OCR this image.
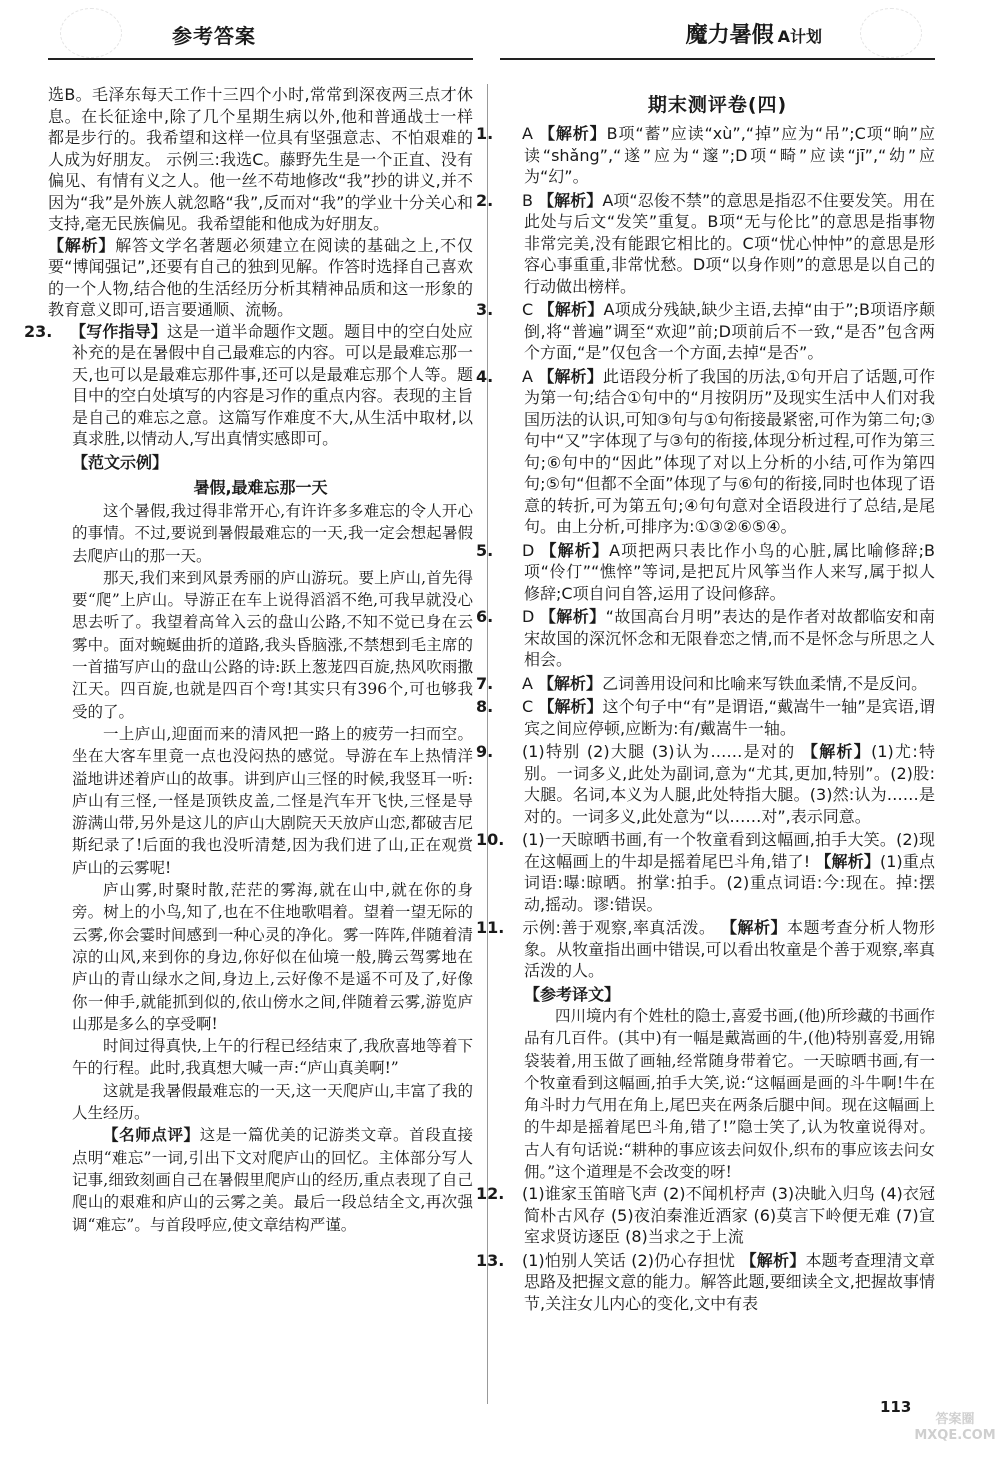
参考答案	魔力暑假 A计划

选B。毛泽东每天工作十三四个小时,常常到深夜两三点才休息。在长征途中,除了几个星期生病以外,他和普通战士一样都是步行的。我希望和这样一位具有坚强意志、不怕艰难的人成为好朋友。 示例三:我选C。藤野先生是一个正直、没有偏见、有情有义之人。他一丝不苟地修改“我”抄的讲义,并不因为“我”是外族人就忽略“我”,反而对“我”的学业十分关心和支持,毫无民族偏见。我希望能和他成为好朋友。

【解析】解答文学名著题必须建立在阅读的基础之上,不仅要“博闻强记”,还要有自己的独到见解。作答时选择自己喜欢的一个人物,结合他的生活经历分析其精神品质和这一形象的教育意义即可,语言要通顺、流畅。

23. 【写作指导】这是一道半命题作文题。题目中的空白处应补充的是在暑假中自己最难忘的内容。可以是最难忘那一天,也可以是最难忘那件事,还可以是最难忘那个人等。题目中的空白处填写的内容是习作的重点内容。表现的主旨是自己的难忘之意。这篇写作难度不大,从生活中取材,以真求胜,以情动人,写出真情实感即可。

【范文示例】

暑假,最难忘那一天

这个暑假,我过得非常开心,有许许多多难忘的令人开心的事情。不过,要说到暑假最难忘的一天,我一定会想起暑假去爬庐山的那一天。

那天,我们来到风景秀丽的庐山游玩。要上庐山,首先得要“爬”上庐山。导游正在车上说得滔滔不绝,可我早就没心思去听了。我望着高耸入云的盘山公路,不知不觉已身在云雾中。面对蜿蜒曲折的道路,我头昏脑涨,不禁想到毛主席的一首描写庐山的盘山公路的诗:跃上葱茏四百旋,热风吹雨撒江天。四百旋,也就是四百个弯!其实只有396个,可也够我受的了。

一上庐山,迎面而来的清风把一路上的疲劳一扫而空。坐在大客车里竟一点也没闷热的感觉。导游在车上热情洋溢地讲述着庐山的故事。讲到庐山三怪的时候,我竖耳一听:庐山有三怪,一怪是顶铁皮盖,二怪是汽车开飞快,三怪是导游满山带,另外是这儿的庐山大剧院天天放庐山恋,都破吉尼斯纪录了!后面的我也没听清楚,因为我们进了山,正在观赏庐山的云雾呢!

庐山雾,时聚时散,茫茫的雾海,就在山中,就在你的身旁。树上的小鸟,知了,也在不住地歌唱着。望着一望无际的云雾,你会霎时间感到一种心灵的净化。雾一阵阵,伴随着清凉的山风,来到你的身边,你好似在仙境一般,腾云驾雾地在庐山的青山绿水之间,身边上,云好像不是遥不可及了,好像你一伸手,就能抓到似的,依山傍水之间,伴随着云雾,游览庐山那是多么的享受啊!

时间过得真快,上午的行程已经结束了,我欣喜地等着下午的行程。此时,我真想大喊一声:“庐山真美啊!”

这就是我暑假最难忘的一天,这一天爬庐山,丰富了我的人生经历。

【名师点评】这是一篇优美的记游类文章。首段直接点明“难忘”一词,引出下文对爬庐山的回忆。主体部分写人记事,细致刻画自己在暑假里爬庐山的经历,重点表现了自己爬山的艰难和庐山的云雾之美。最后一段总结全文,再次强调“难忘”。与首段呼应,使文章结构严谨。

期末测评卷(四)

1. A 【解析】B项“蓄”应读“xù”,“掉”应为“吊”;C项“晌”应读“shǎng”,“遂”应为“邃”;D项“畸”应读“jī”,“幼”应为“幻”。

2. B 【解析】A项“忍俊不禁”的意思是指忍不住要发笑。用在此处与后文“发笑”重复。B项“无与伦比”的意思是指事物非常完美,没有能跟它相比的。C项“忧心忡忡”的意思是形容心事重重,非常忧愁。D项“以身作则”的意思是以自己的行动做出榜样。

3. C 【解析】A项成分残缺,缺少主语,去掉“由于”;B项语序颠倒,将“普遍”调至“欢迎”前;D项前后不一致,“是否”包含两个方面,“是”仅包含一个方面,去掉“是否”。

4. A 【解析】此语段分析了我国的历法,①句开启了话题,可作为第一句;结合①句中的“月按阴历”及现实生活中人们对我国历法的认识,可知③句与①句衔接最紧密,可作为第二句;③句中“又”字体现了与③句的衔接,体现分析过程,可作为第三句;⑥句中的“因此”体现了对以上分析的小结,可作为第四句;⑤句“但都不全面”体现了与⑥句的衔接,同时也体现了语意的转折,可为第五句;④句句意对全语段进行了总结,是尾句。由上分析,可排序为:①③②⑥⑤④。

5. D 【解析】A项把两只表比作小鸟的心脏,属比喻修辞;B项“伶仃”“憔悴”等词,是把瓦片风筝当作人来写,属于拟人修辞;C项自问自答,运用了设问修辞。

6. D 【解析】“故国高台月明”表达的是作者对故都临安和南宋故国的深沉怀念和无限眷恋之情,而不是怀念与所思之人相会。

7. A 【解析】乙词善用设问和比喻来写铁血柔情,不是反问。

8. C 【解析】这个句子中“有”是谓语,“戴嵩牛一轴”是宾语,谓宾之间应停顿,应断为:有/戴嵩牛一轴。

9. (1)特别 (2)大腿 (3)认为……是对的 【解析】(1)尤:特别。一词多义,此处为副词,意为“尤其,更加,特别”。(2)股:大腿。名词,本义为人腿,此处特指大腿。(3)然:认为……是对的。一词多义,此处意为“以……对”,表示同意。

10. (1)一天晾晒书画,有一个牧童看到这幅画,拍手大笑。(2)现在这幅画上的牛却是摇着尾巴斗角,错了! 【解析】(1)重点词语:曝:晾晒。拊掌:拍手。(2)重点词语:今:现在。掉:摆动,摇动。谬:错误。

11. 示例:善于观察,率真活泼。 【解析】本题考查分析人物形象。从牧童指出画中错误,可以看出牧童是个善于观察,率真活泼的人。

【参考译文】

四川境内有个姓杜的隐士,喜爱书画,(他)所珍藏的书画作品有几百件。(其中)有一幅是戴嵩画的牛,(他)特别喜爱,用锦袋装着,用玉做了画轴,经常随身带着它。一天晾晒书画,有一个牧童看到这幅画,拍手大笑,说:“这幅画是画的斗牛啊!牛在角斗时力气用在角上,尾巴夹在两条后腿中间。现在这幅画上的牛却是摇着尾巴斗角,错了!”隐士笑了,认为牧童说得对。古人有句话说:“耕种的事应该去问奴仆,织布的事应该去问女佣。”这个道理是不会改变的呀!

12. (1)谁家玉笛暗飞声 (2)不闻机杼声 (3)决眦入归鸟 (4)衣冠简朴古风存 (5)夜泊秦淮近酒家 (6)莫言下岭便无难 (7)宣室求贤访逐臣 (8)当求之于上流

13. (1)怕别人笑话 (2)仍心存担忧 【解析】本题考查理清文章思路及把握文意的能力。解答此题,要细读全文,把握故事情节,关注女儿内心的变化,文中有表

113
答案圈 MXQE.COM
